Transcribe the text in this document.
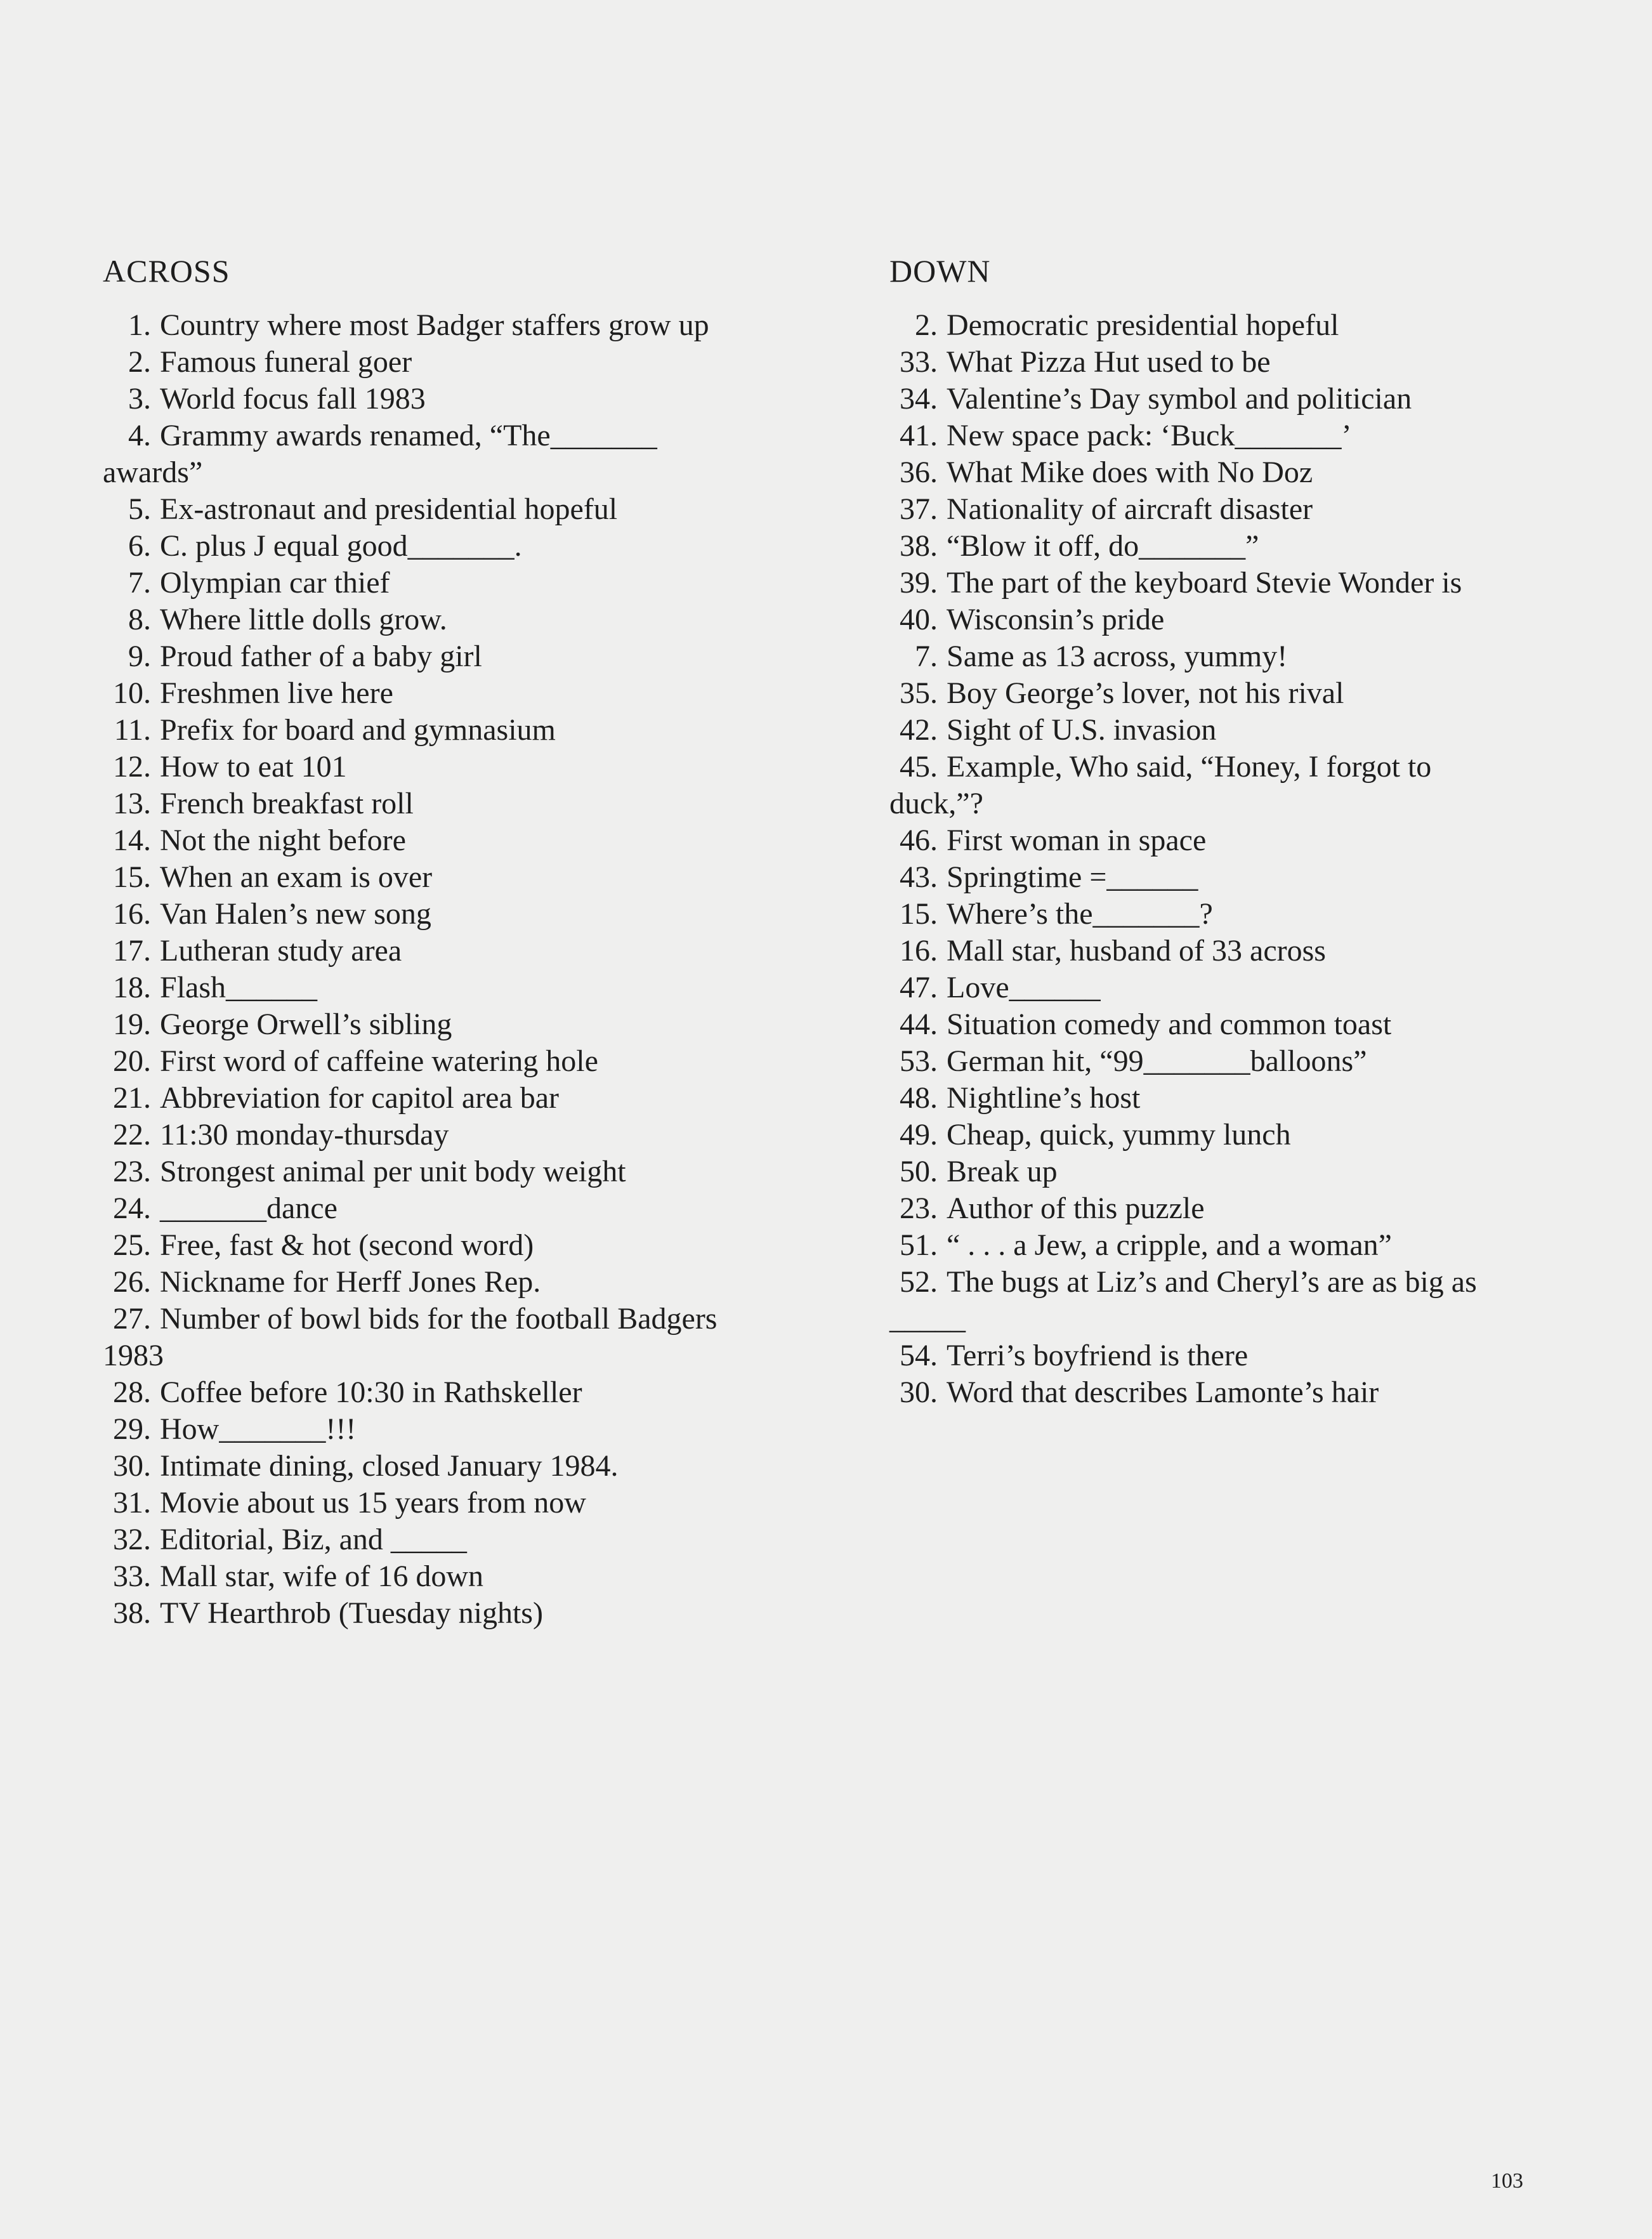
ACROSS
1. Country where most Badger staffers grow up
2. Famous funeral goer
3. World focus fall 1983
4. Grammy awards renamed, “The_______
awards”
5. Ex-astronaut and presidential hopeful
6. C. plus J equal good_______.
7. Olympian car thief
8. Where little dolls grow.
9. Proud father of a baby girl
10. Freshmen live here
11. Prefix for board and gymnasium
12. How to eat 101
13. French breakfast roll
14. Not the night before
15. When an exam is over
16. Van Halen’s new song
17. Lutheran study area
18. Flash______
19. George Orwell’s sibling
20. First word of caffeine watering hole
21. Abbreviation for capitol area bar
22. 11:30 monday-thursday
23. Strongest animal per unit body weight
24. _______dance
25. Free, fast & hot (second word)
26. Nickname for Herff Jones Rep.
27. Number of bowl bids for the football Badgers
1983
28. Coffee before 10:30 in Rathskeller
29. How_______!!!
30. Intimate dining, closed January 1984.
31. Movie about us 15 years from now
32. Editorial, Biz, and _____
33. Mall star, wife of 16 down
38. TV Hearthrob (Tuesday nights)
DOWN
2. Democratic presidential hopeful
33. What Pizza Hut used to be
34. Valentine’s Day symbol and politician
41. New space pack: ‘Buck_______’
36. What Mike does with No Doz
37. Nationality of aircraft disaster
38. “Blow it off, do_______”
39. The part of the keyboard Stevie Wonder is
40. Wisconsin’s pride
7. Same as 13 across, yummy!
35. Boy George’s lover, not his rival
42. Sight of U.S. invasion
45. Example, Who said, “Honey, I forgot to
duck,”?
46. First woman in space
43. Springtime =______
15. Where’s the_______?
16. Mall star, husband of 33 across
47. Love______
44. Situation comedy and common toast
53. German hit, “99_______balloons”
48. Nightline’s host
49. Cheap, quick, yummy lunch
50. Break up
23. Author of this puzzle
51. “ . . . a Jew, a cripple, and a woman”
52. The bugs at Liz’s and Cheryl’s are as big as
_____
54. Terri’s boyfriend is there
30. Word that describes Lamonte’s hair
103
